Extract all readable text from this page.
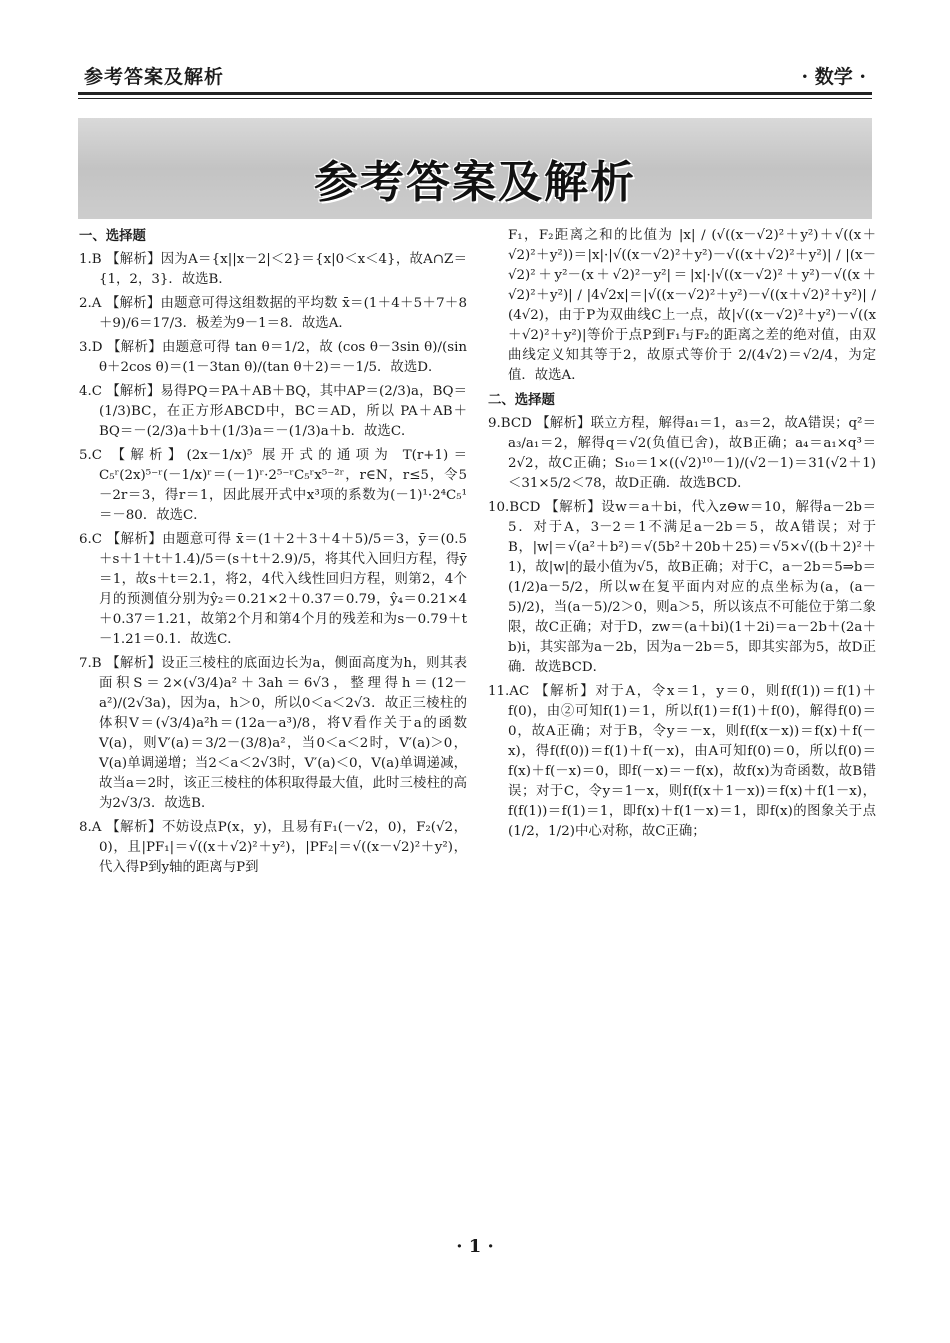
参考答案及解析	· 数学 ·
参考答案及解析

一、选择题

1.B 【解析】因为A＝{x||x－2|＜2}＝{x|0＜x＜4}，故A∩Z＝{1，2，3}．故选B．

2.A 【解析】由题意可得这组数据的平均数 x̄＝(1＋4＋5＋7＋8＋9)/6＝17/3．极差为9－1＝8．故选A．

3.D 【解析】由题意可得 tan θ＝1/2，故 (cos θ－3sin θ)/(sin θ＋2cos θ)＝(1－3tan θ)/(tan θ＋2)＝－1/5．故选D．

4.C 【解析】易得PQ＝PA＋AB＋BQ，其中AP＝(2/3)a，BQ＝(1/3)BC，在正方形ABCD中，BC＝AD，所以 PA＋AB＋BQ＝－(2/3)a＋b＋(1/3)a＝－(1/3)a＋b．故选C．

5.C 【解析】(2x－1/x)⁵ 展开式的通项为 T(r+1)＝C₅ʳ(2x)⁵⁻ʳ(－1/x)ʳ＝(－1)ʳ·2⁵⁻ʳC₅ʳx⁵⁻²ʳ，r∈N，r≤5，令5－2r＝3，得r＝1，因此展开式中x³项的系数为(－1)¹·2⁴C₅¹＝－80．故选C．

6.C 【解析】由题意可得 x̄＝(1＋2＋3＋4＋5)/5＝3，ȳ＝(0.5＋s＋1＋t＋1.4)/5＝(s＋t＋2.9)/5，将其代入回归方程，得ȳ＝1，故s＋t＝2.1，将2，4代入线性回归方程，则第2，4个月的预测值分别为ŷ₂＝0.21×2＋0.37＝0.79，ŷ₄＝0.21×4＋0.37＝1.21，故第2个月和第4个月的残差和为s－0.79＋t－1.21＝0.1．故选C．

7.B 【解析】设正三棱柱的底面边长为a，侧面高度为h，则其表面积S＝2×(√3/4)a²＋3ah＝6√3，整理得h＝(12－a²)/(2√3a)，因为a，h＞0，所以0＜a＜2√3．故正三棱柱的体积V＝(√3/4)a²h＝(12a－a³)/8，将V看作关于a的函数V(a)，则V′(a)＝3/2－(3/8)a²，当0＜a＜2时，V′(a)＞0，V(a)单调递增；当2＜a＜2√3时，V′(a)＜0，V(a)单调递减，故当a＝2时，该正三棱柱的体积取得最大值，此时三棱柱的高为2√3/3．故选B．

8.A 【解析】不妨设点P(x，y)，且易有F₁(－√2，0)，F₂(√2，0)，且|PF₁|＝√((x＋√2)²＋y²)，|PF₂|＝√((x－√2)²＋y²)，代入得P到y轴的距离与P到

F₁，F₂距离之和的比值为 |x| / (√((x－√2)²＋y²)＋√((x＋√2)²＋y²))＝|x|·|√((x－√2)²＋y²)－√((x＋√2)²＋y²)| / |(x－√2)²＋y²－(x＋√2)²－y²|＝|x|·|√((x－√2)²＋y²)－√((x＋√2)²＋y²)| / |4√2x|＝|√((x－√2)²＋y²)－√((x＋√2)²＋y²)| / (4√2)，由于P为双曲线C上一点，故|√((x－√2)²＋y²)－√((x＋√2)²＋y²)|等价于点P到F₁与F₂的距离之差的绝对值，由双曲线定义知其等于2，故原式等价于 2/(4√2)＝√2/4，为定值．故选A．

二、选择题

9.BCD 【解析】联立方程，解得a₁＝1，a₃＝2，故A错误；q²＝a₃/a₁＝2，解得q＝√2(负值已舍)，故B正确；a₄＝a₁×q³＝2√2，故C正确；S₁₀＝1×((√2)¹⁰－1)/(√2－1)＝31(√2＋1)＜31×5/2＜78，故D正确．故选BCD．

10.BCD 【解析】设w＝a＋bi，代入z⊖w＝10，解得a－2b＝5．对于A，3－2＝1不满足a－2b＝5，故A错误；对于B，|w|＝√(a²＋b²)＝√(5b²＋20b＋25)＝√5×√((b＋2)²＋1)，故|w|的最小值为√5，故B正确；对于C，a－2b＝5⇒b＝(1/2)a－5/2，所以w在复平面内对应的点坐标为(a，(a－5)/2)，当(a－5)/2＞0，则a＞5，所以该点不可能位于第二象限，故C正确；对于D，zw＝(a＋bi)(1＋2i)＝a－2b＋(2a＋b)i，其实部为a－2b，因为a－2b＝5，即其实部为5，故D正确．故选BCD．

11.AC 【解析】对于A，令x＝1，y＝0，则f(f(1))＝f(1)＋f(0)，由②可知f(1)＝1，所以f(1)＝f(1)＋f(0)，解得f(0)＝0，故A正确；对于B，令y＝－x，则f(f(x－x))＝f(x)＋f(－x)，得f(f(0))＝f(1)＋f(－x)，由A可知f(0)＝0，所以f(0)＝f(x)＋f(－x)＝0，即f(－x)＝－f(x)，故f(x)为奇函数，故B错误；对于C，令y＝1－x，则f(f(x＋1－x))＝f(x)＋f(1－x)，f(f(1))＝f(1)＝1，即f(x)＋f(1－x)＝1，即f(x)的图象关于点(1/2，1/2)中心对称，故C正确；

· 1 ·
